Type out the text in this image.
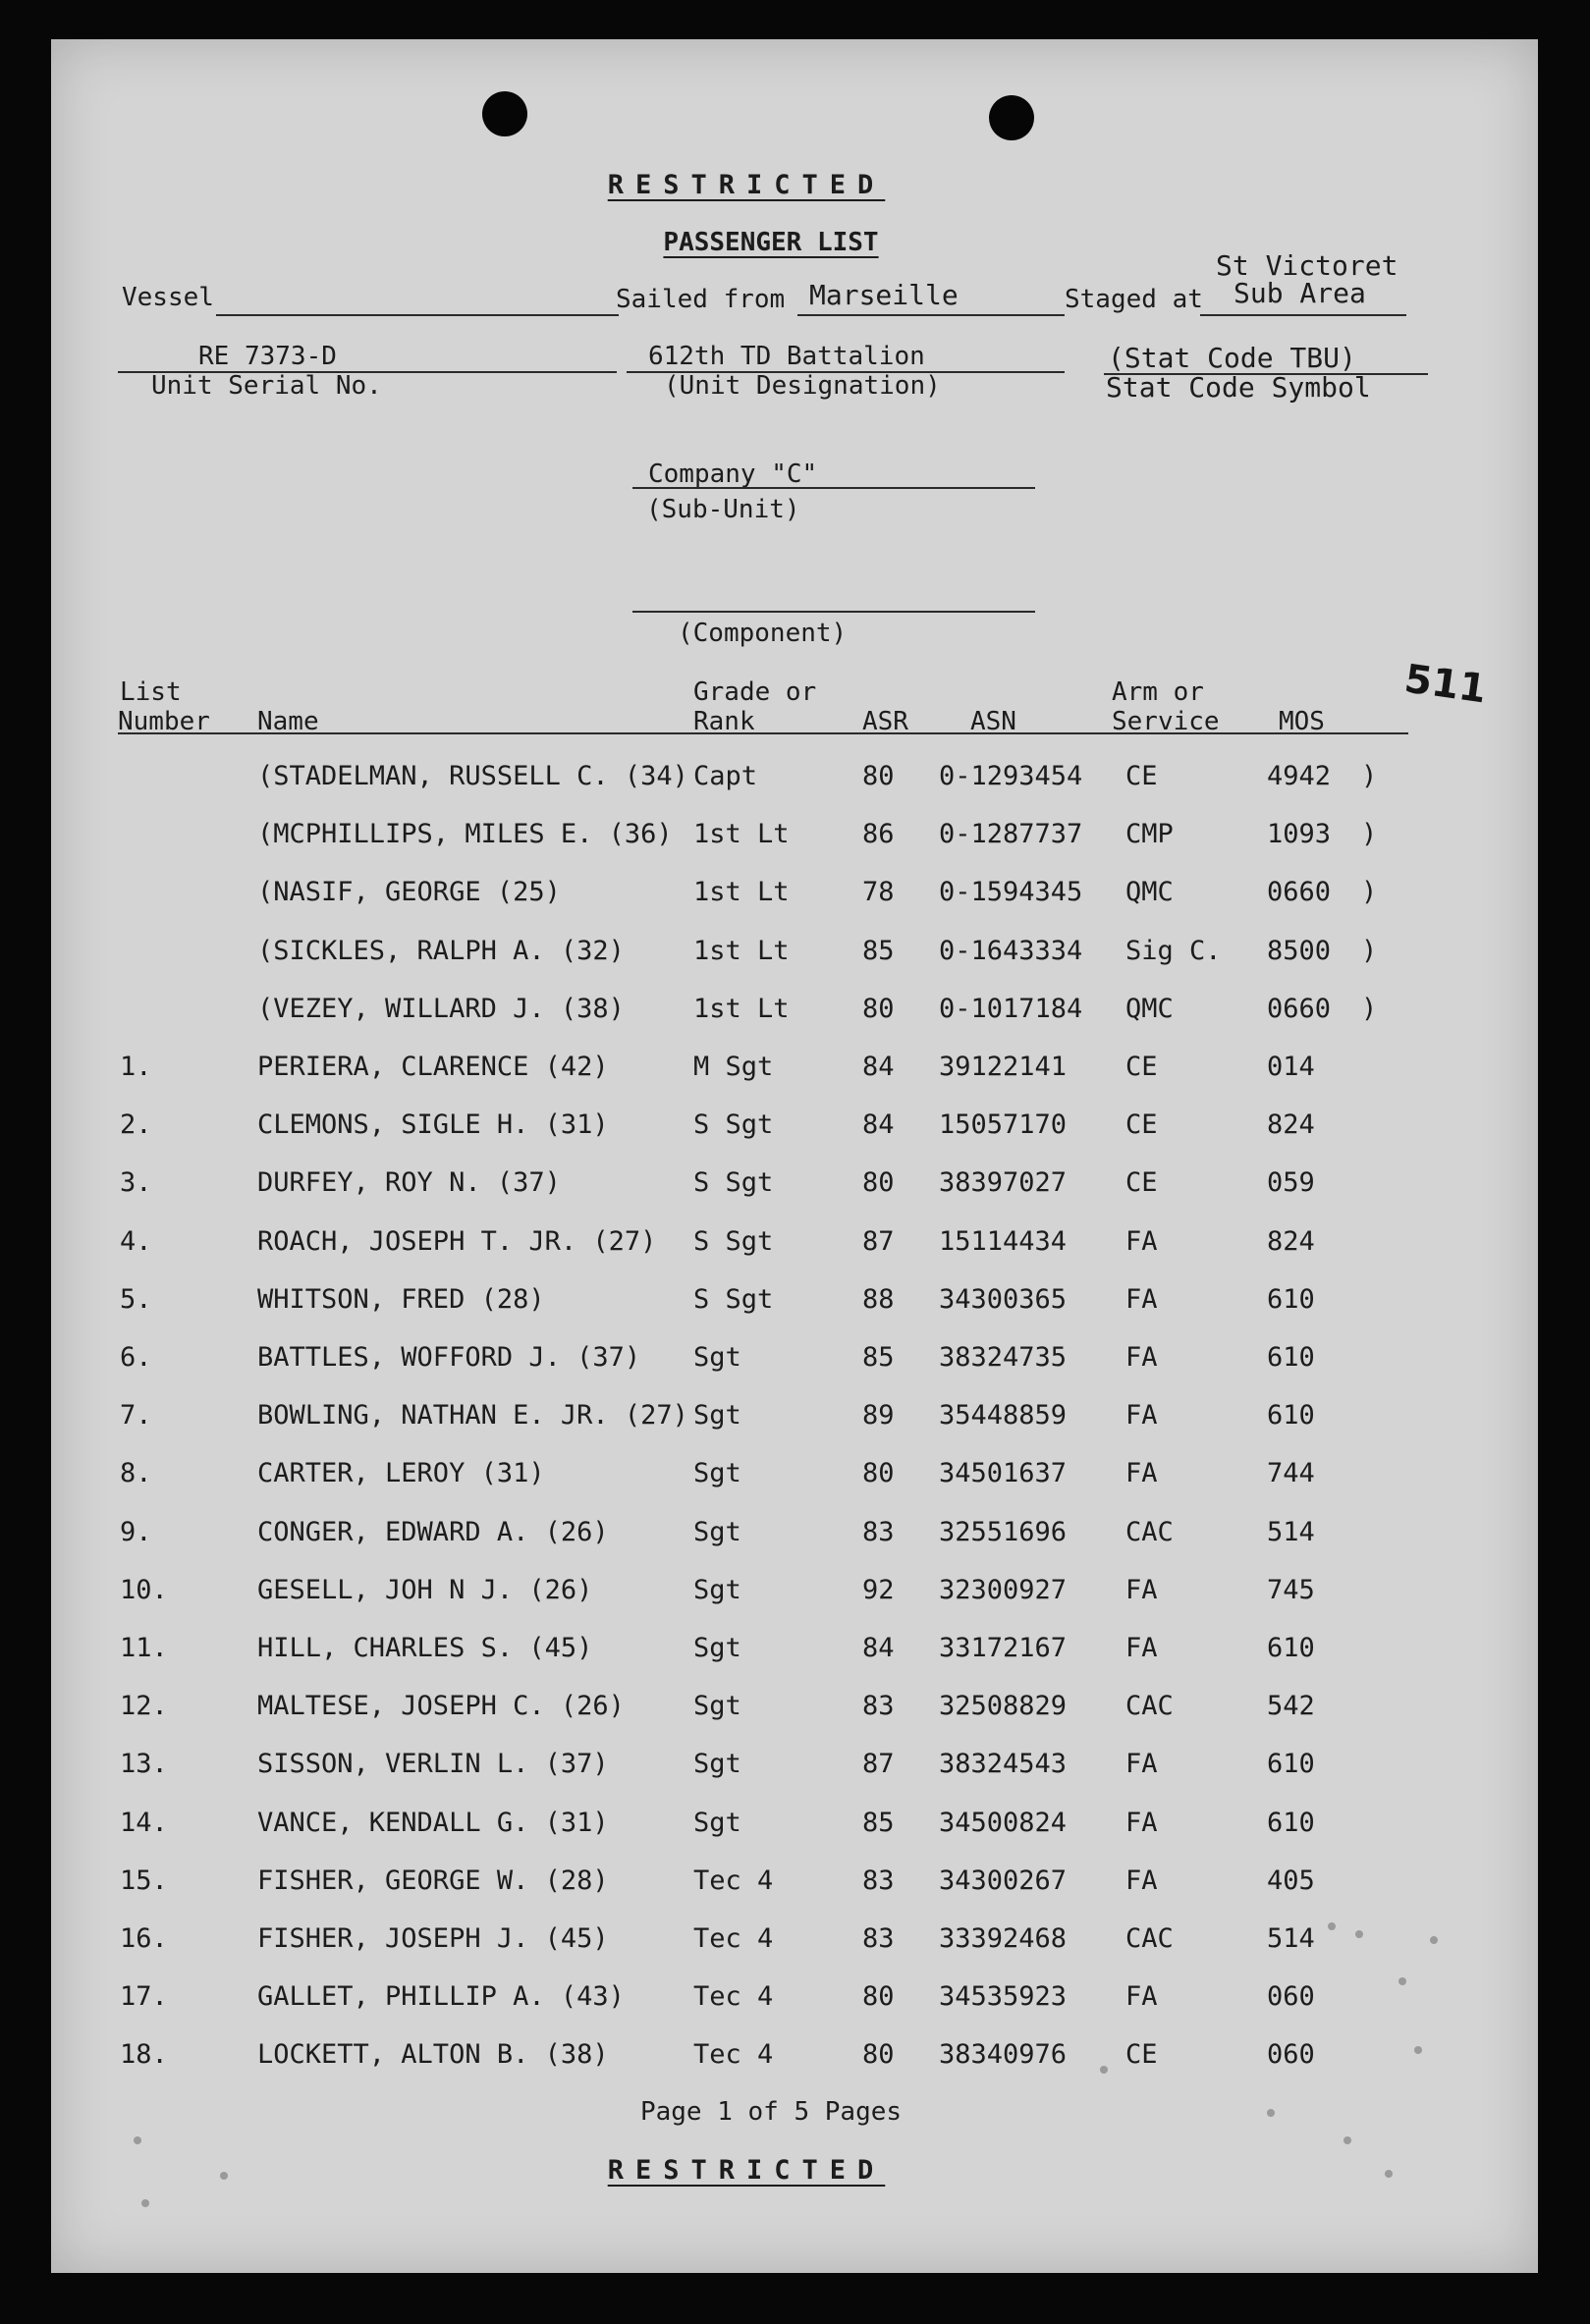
RESTRICTED
PASSENGER LIST
Vessel	Sailed from Marseille	Staged at
St Victoret
Sub Area
RE 7373-D
Unit Serial No.
612th TD Battalion
(Unit Designation)
(Stat Code TBU)
Stat Code Symbol
Company "C"
(Sub-Unit)
(Component)
511
List
Number Name
Grade or
Rank	ASR ASN
Arm or
Service MOS
(STADELMAN, RUSSELL C. (34) Capt	80 0-1293454 CE	4942 )
(MCPHILLIPS, MILES E. (36) 1st Lt	86 0-1287737 CMP	1093 )
(NASIF, GEORGE (25)	1st Lt	78 0-1594345 QMC	0660 )
(SICKLES, RALPH A. (32)	1st Lt	85 0-1643334 Sig C. 8500 )
(VEZEY, WILLARD J. (38)	1st Lt	80 0-1017184 QMC	0660 )
1.	PERIERA, CLARENCE (42)	M Sgt	84 39122141 CE	014
2.	CLEMONS, SIGLE H. (31)	S Sgt	84 15057170 CE	824
3.	DURFEY, ROY N. (37)	S Sgt	80 38397027 CE	059
4.	ROACH, JOSEPH T. JR. (27) S Sgt	87 15114434 FA	824
5.	WHITSON, FRED (28)	S Sgt	88 34300365 FA	610
6.	BATTLES, WOFFORD J. (37) Sgt	85 38324735 FA	610
7.	BOWLING, NATHAN E. JR. (27) Sgt	89 35448859 FA	610
8.	CARTER, LEROY (31)	Sgt	80 34501637 FA	744
9.	CONGER, EDWARD A. (26)	Sgt	83 32551696 CAC	514
10.	GESELL, JOH N J. (26)	Sgt	92 32300927 FA	745
11.	HILL, CHARLES S. (45)	Sgt	84 33172167 FA	610
12.	MALTESE, JOSEPH C. (26)	Sgt	83 32508829 CAC	542
13.	SISSON, VERLIN L. (37)	Sgt	87 38324543 FA	610
14.	VANCE, KENDALL G. (31)	Sgt	85 34500824 FA	610
15.	FISHER, GEORGE W. (28)	Tec 4	83 34300267 FA	405
16.	FISHER, JOSEPH J. (45)	Tec 4	83 33392468 CAC	514
17.	GALLET, PHILLIP A. (43)	Tec 4	80 34535923 FA	060
18.	LOCKETT, ALTON B. (38)	Tec 4	80 38340976 CE	060
Page 1 of 5 Pages
RESTRICTED
